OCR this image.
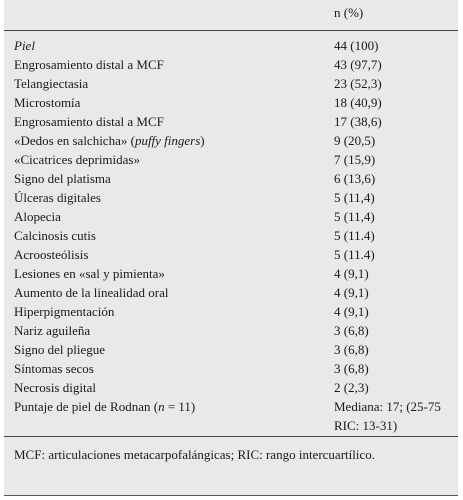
n (%)
Piel	44 (100)
Engrosamiento distal a MCF	43 (97,7)
Telangiectasia	23 (52,3)
Microstomía	18 (40,9)
Engrosamiento distal a MCF	17 (38,6)
«Dedos en salchicha» (puffy fingers)	9 (20,5)
«Cicatrices deprimidas»	7 (15,9)
Signo del platisma	6 (13,6)
Úlceras digitales	5 (11,4)
Alopecia	5 (11,4)
Calcinosis cutis	5 (11.4)
Acroosteólisis	5 (11.4)
Lesiones en «sal y pimienta»	4 (9,1)
Aumento de la linealidad oral	4 (9,1)
Hiperpigmentación	4 (9,1)
Nariz aguileña	3 (6,8)
Signo del pliegue	3 (6,8)
Síntomas secos	3 (6,8)
Necrosis digital	2 (2,3)
Puntaje de piel de Rodnan (n = 11)	Mediana: 17; (25-75 RIC: 13-31)
MCF: articulaciones metacarpofalángicas; RIC: rango intercuartílico.
